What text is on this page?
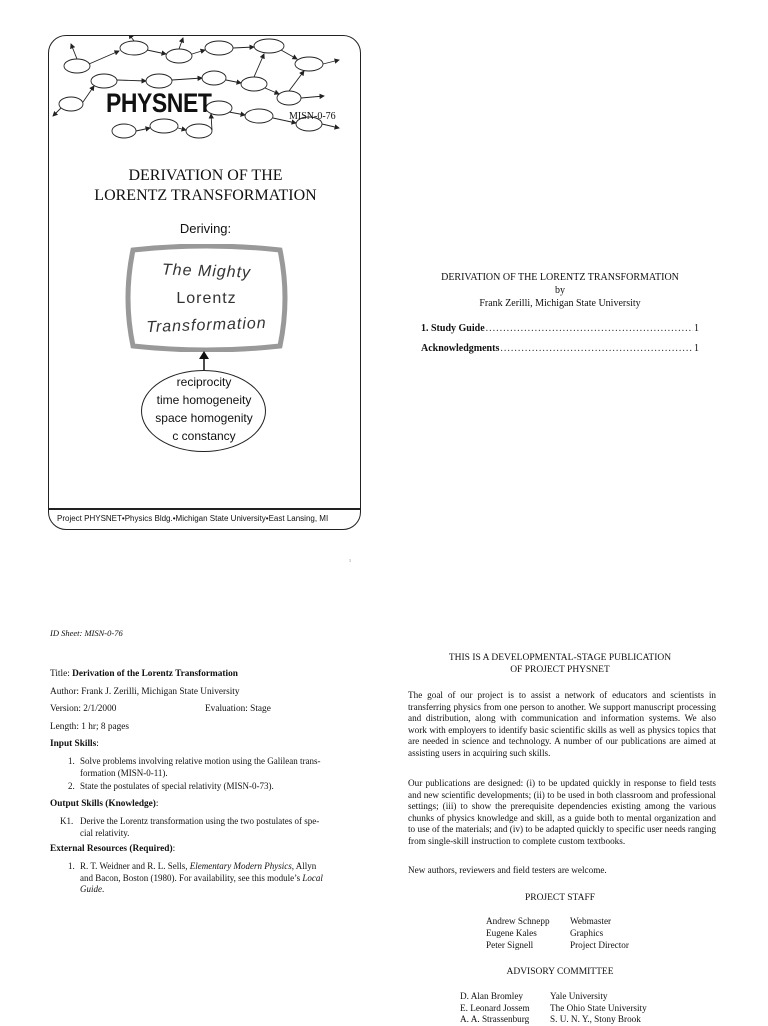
PHYSNET	MISN-0-76
DERIVATION OF THE
LORENTZ TRANSFORMATION
Deriving:
The Mighty
Lorentz
Transformation
reciprocity
time homogeneity
space homogenity
c constancy
Project PHYSNET•Physics Bldg.•Michigan State University•East Lansing, MI
1
DERIVATION OF THE LORENTZ TRANSFORMATION
by
Frank Zerilli, Michigan State University
1. Study Guide .....	1
Acknowledgments .....	1
ID Sheet: MISN-0-76
Title: Derivation of the Lorentz Transformation
Author: Frank J. Zerilli, Michigan State University
Version: 2/1/2000	Evaluation: Stage
Length: 1 hr; 8 pages
Input Skills:
1. Solve problems involving relative motion using the Galilean trans-
formation (MISN-0-11).
2. State the postulates of special relativity (MISN-0-73).
Output Skills (Knowledge):
K1. Derive the Lorentz transformation using the two postulates of spe-
cial relativity.
External Resources (Required):
1. R. T. Weidner and R. L. Sells, Elementary Modern Physics, Allyn
and Bacon, Boston (1980). For availability, see this module’s Local
Guide.
THIS IS A DEVELOPMENTAL-STAGE PUBLICATION
OF PROJECT PHYSNET
The goal of our project is to assist a network of educators and scientists in transferring physics from one person to another. We support manuscript processing and distribution, along with communication and information systems. We also work with employers to identify basic scientific skills as well as physics topics that are needed in science and technology. A number of our publications are aimed at assisting users in acquiring such skills.
Our publications are designed: (i) to be updated quickly in response to field tests and new scientific developments; (ii) to be used in both classroom and professional settings; (iii) to show the prerequisite dependencies existing among the various chunks of physics knowledge and skill, as a guide both to mental organization and to use of the materials; and (iv) to be adapted quickly to specific user needs ranging from single-skill instruction to complete custom textbooks.
New authors, reviewers and field testers are welcome.
PROJECT STAFF
Andrew Schnepp Webmaster
Eugene Kales	Graphics
Peter Signell	Project Director
ADVISORY COMMITTEE
D. Alan Bromley	Yale University
E. Leonard Jossem The Ohio State University
A. A. Strassenburg S. U. N. Y., Stony Brook
